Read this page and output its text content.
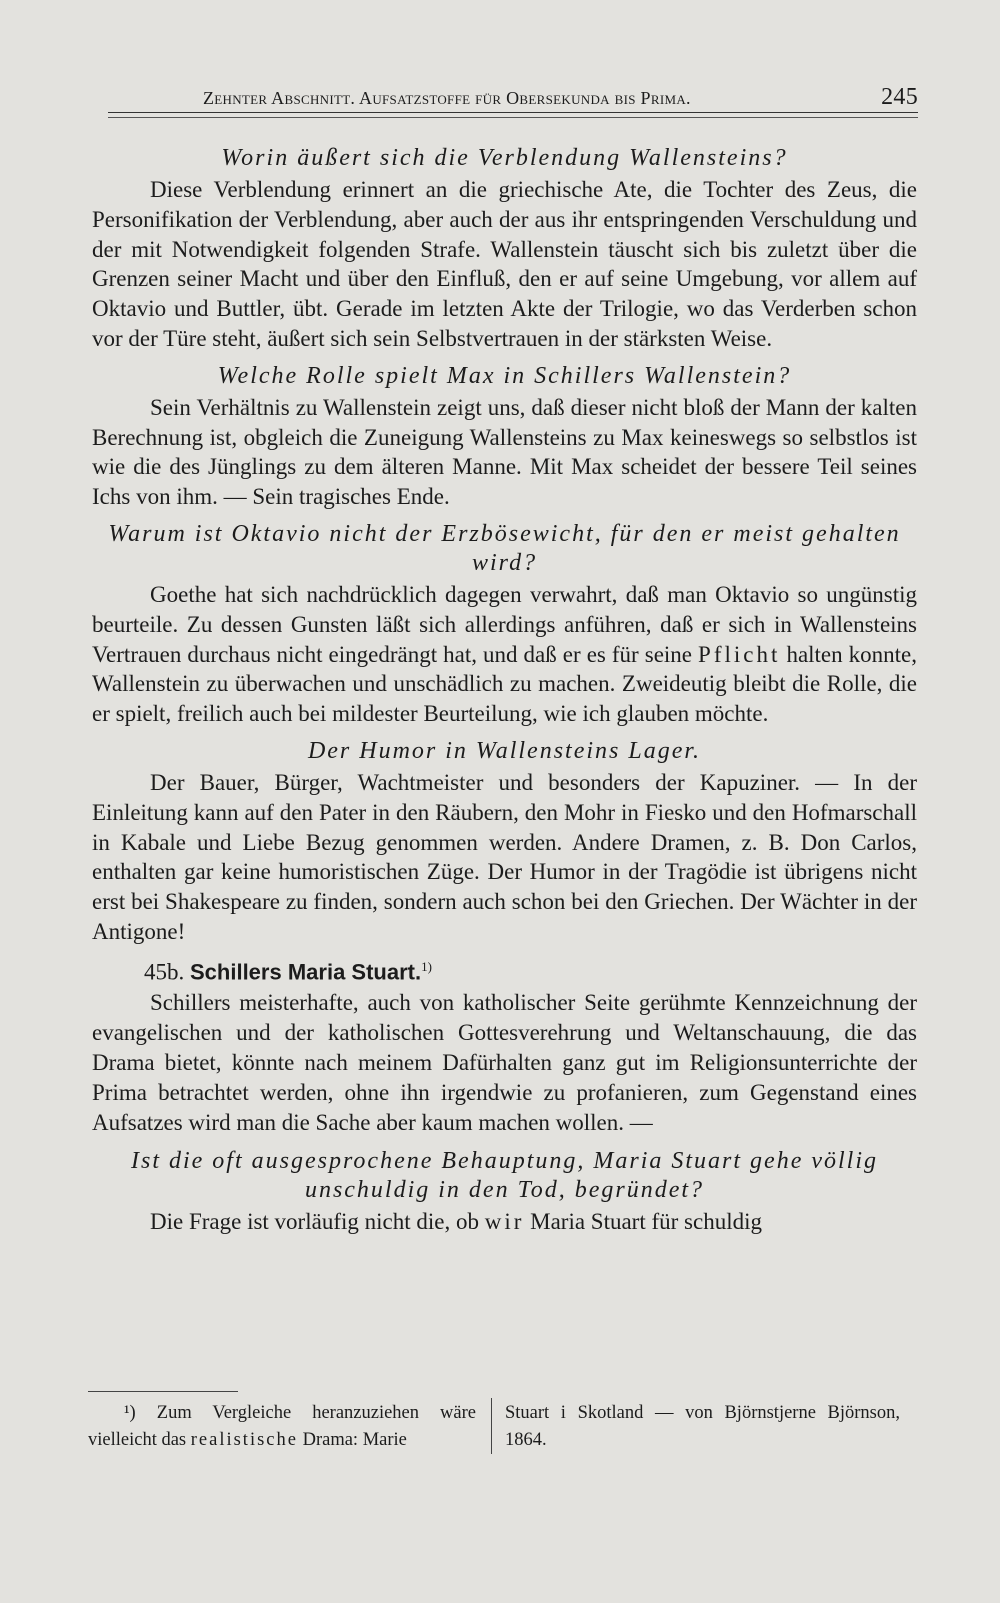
Zehnter Abschnitt. Aufsatzstoffe für Obersekunda bis Prima.	245
Worin äußert sich die Verblendung Wallensteins?

Diese Verblendung erinnert an die griechische Ate, die Tochter des Zeus, die Personifikation der Verblendung, aber auch der aus ihr entspringenden Verschuldung und der mit Notwendigkeit folgenden Strafe. Wallenstein täuscht sich bis zuletzt über die Grenzen seiner Macht und über den Einfluß, den er auf seine Umgebung, vor allem auf Oktavio und Buttler, übt. Gerade im letzten Akte der Trilogie, wo das Verderben schon vor der Türe steht, äußert sich sein Selbstvertrauen in der stärksten Weise.

Welche Rolle spielt Max in Schillers Wallenstein?

Sein Verhältnis zu Wallenstein zeigt uns, daß dieser nicht bloß der Mann der kalten Berechnung ist, obgleich die Zuneigung Wallensteins zu Max keineswegs so selbstlos ist wie die des Jünglings zu dem älteren Manne. Mit Max scheidet der bessere Teil seines Ichs von ihm. — Sein tragisches Ende.

Warum ist Oktavio nicht der Erzbösewicht, für den er meist gehalten wird?

Goethe hat sich nachdrücklich dagegen verwahrt, daß man Oktavio so ungünstig beurteile. Zu dessen Gunsten läßt sich allerdings anführen, daß er sich in Wallensteins Vertrauen durchaus nicht eingedrängt hat, und daß er es für seine Pflicht halten konnte, Wallenstein zu überwachen und unschädlich zu machen. Zweideutig bleibt die Rolle, die er spielt, freilich auch bei mildester Beurteilung, wie ich glauben möchte.

Der Humor in Wallensteins Lager.

Der Bauer, Bürger, Wachtmeister und besonders der Kapuziner. — In der Einleitung kann auf den Pater in den Räubern, den Mohr in Fiesko und den Hofmarschall in Kabale und Liebe Bezug genommen werden. Andere Dramen, z. B. Don Carlos, enthalten gar keine humoristischen Züge. Der Humor in der Tragödie ist übrigens nicht erst bei Shakespeare zu finden, sondern auch schon bei den Griechen. Der Wächter in der Antigone!

45b. Schillers Maria Stuart.$^{1)}$

Schillers meisterhafte, auch von katholischer Seite gerühmte Kennzeichnung der evangelischen und der katholischen Gottesverehrung und Weltanschauung, die das Drama bietet, könnte nach meinem Dafürhalten ganz gut im Religionsunterrichte der Prima betrachtet werden, ohne ihn irgendwie zu profanieren, zum Gegenstand eines Aufsatzes wird man die Sache aber kaum machen wollen. —

Ist die oft ausgesprochene Behauptung, Maria Stuart gehe völlig unschuldig in den Tod, begründet?

Die Frage ist vorläufig nicht die, ob wir Maria Stuart für schuldig

¹) Zum Vergleiche heranzuziehen wäre vielleicht das realistische Drama: Marie
Stuart i Skotland — von Björnstjerne Björnson, 1864.
